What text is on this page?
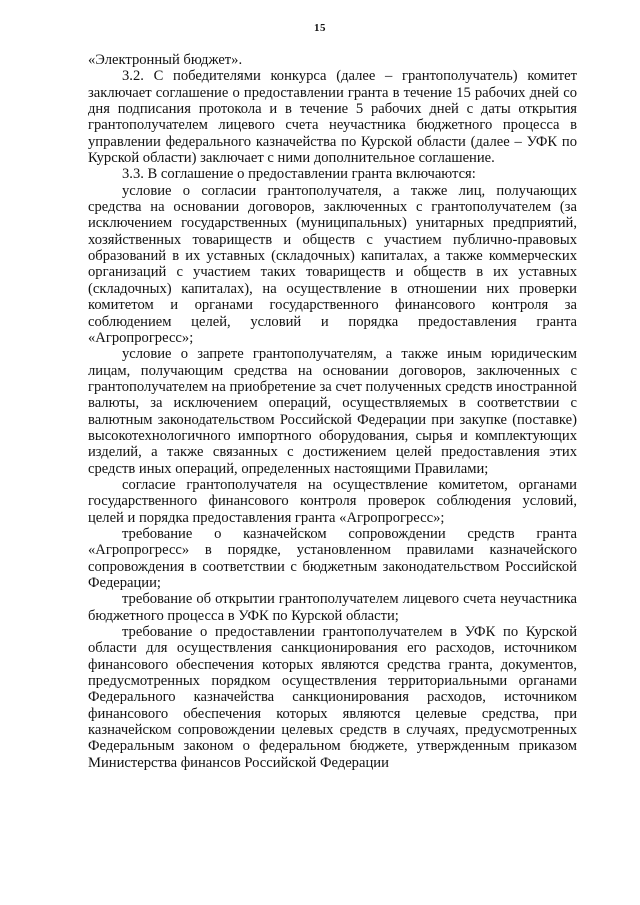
15

«Электронный бюджет».

3.2. С победителями конкурса (далее – грантополучатель) комитет заключает соглашение о предоставлении гранта в течение 15 рабочих дней со дня подписания протокола и в течение 5 рабочих дней с даты открытия грантополучателем лицевого счета неучастника бюджетного процесса в управлении федерального казначейства по Курской области (далее – УФК по Курской области) заключает с ними дополнительное соглашение.

3.3. В соглашение о предоставлении гранта включаются:

условие о согласии грантополучателя, а также лиц, получающих средства на основании договоров, заключенных с грантополучателем (за исключением государственных (муниципальных) унитарных предприятий, хозяйственных товариществ и обществ с участием публично-правовых образований в их уставных (складочных) капиталах, а также коммерческих организаций с участием таких товариществ и обществ в их уставных (складочных) капиталах), на осуществление в отношении них проверки комитетом и органами государственного финансового контроля за соблюдением целей, условий и порядка предоставления гранта «Агропрогресс»;

условие о запрете грантополучателям, а также иным юридическим лицам, получающим средства на основании договоров, заключенных с грантополучателем на приобретение за счет полученных средств иностранной валюты, за исключением операций, осуществляемых в соответствии с валютным законодательством Российской Федерации при закупке (поставке) высокотехнологичного импортного оборудования, сырья и комплектующих изделий, а также связанных с достижением целей предоставления этих средств иных операций, определенных настоящими Правилами;

согласие грантополучателя на осуществление комитетом, органами государственного финансового контроля проверок соблюдения условий, целей и порядка предоставления гранта «Агропрогресс»;

требование о казначейском сопровождении средств гранта «Агропрогресс» в порядке, установленном правилами казначейского сопровождения в соответствии с бюджетным законодательством Российской Федерации;

требование об открытии грантополучателем лицевого счета неучастника бюджетного процесса в УФК по Курской области;

требование о предоставлении грантополучателем в УФК по Курской области для осуществления санкционирования его расходов, источником финансового обеспечения которых являются средства гранта, документов, предусмотренных порядком осуществления территориальными органами Федерального казначейства санкционирования расходов, источником финансового обеспечения которых являются целевые средства, при казначейском сопровождении целевых средств в случаях, предусмотренных Федеральным законом о федеральном бюджете, утвержденным приказом Министерства финансов Российской Федерации
